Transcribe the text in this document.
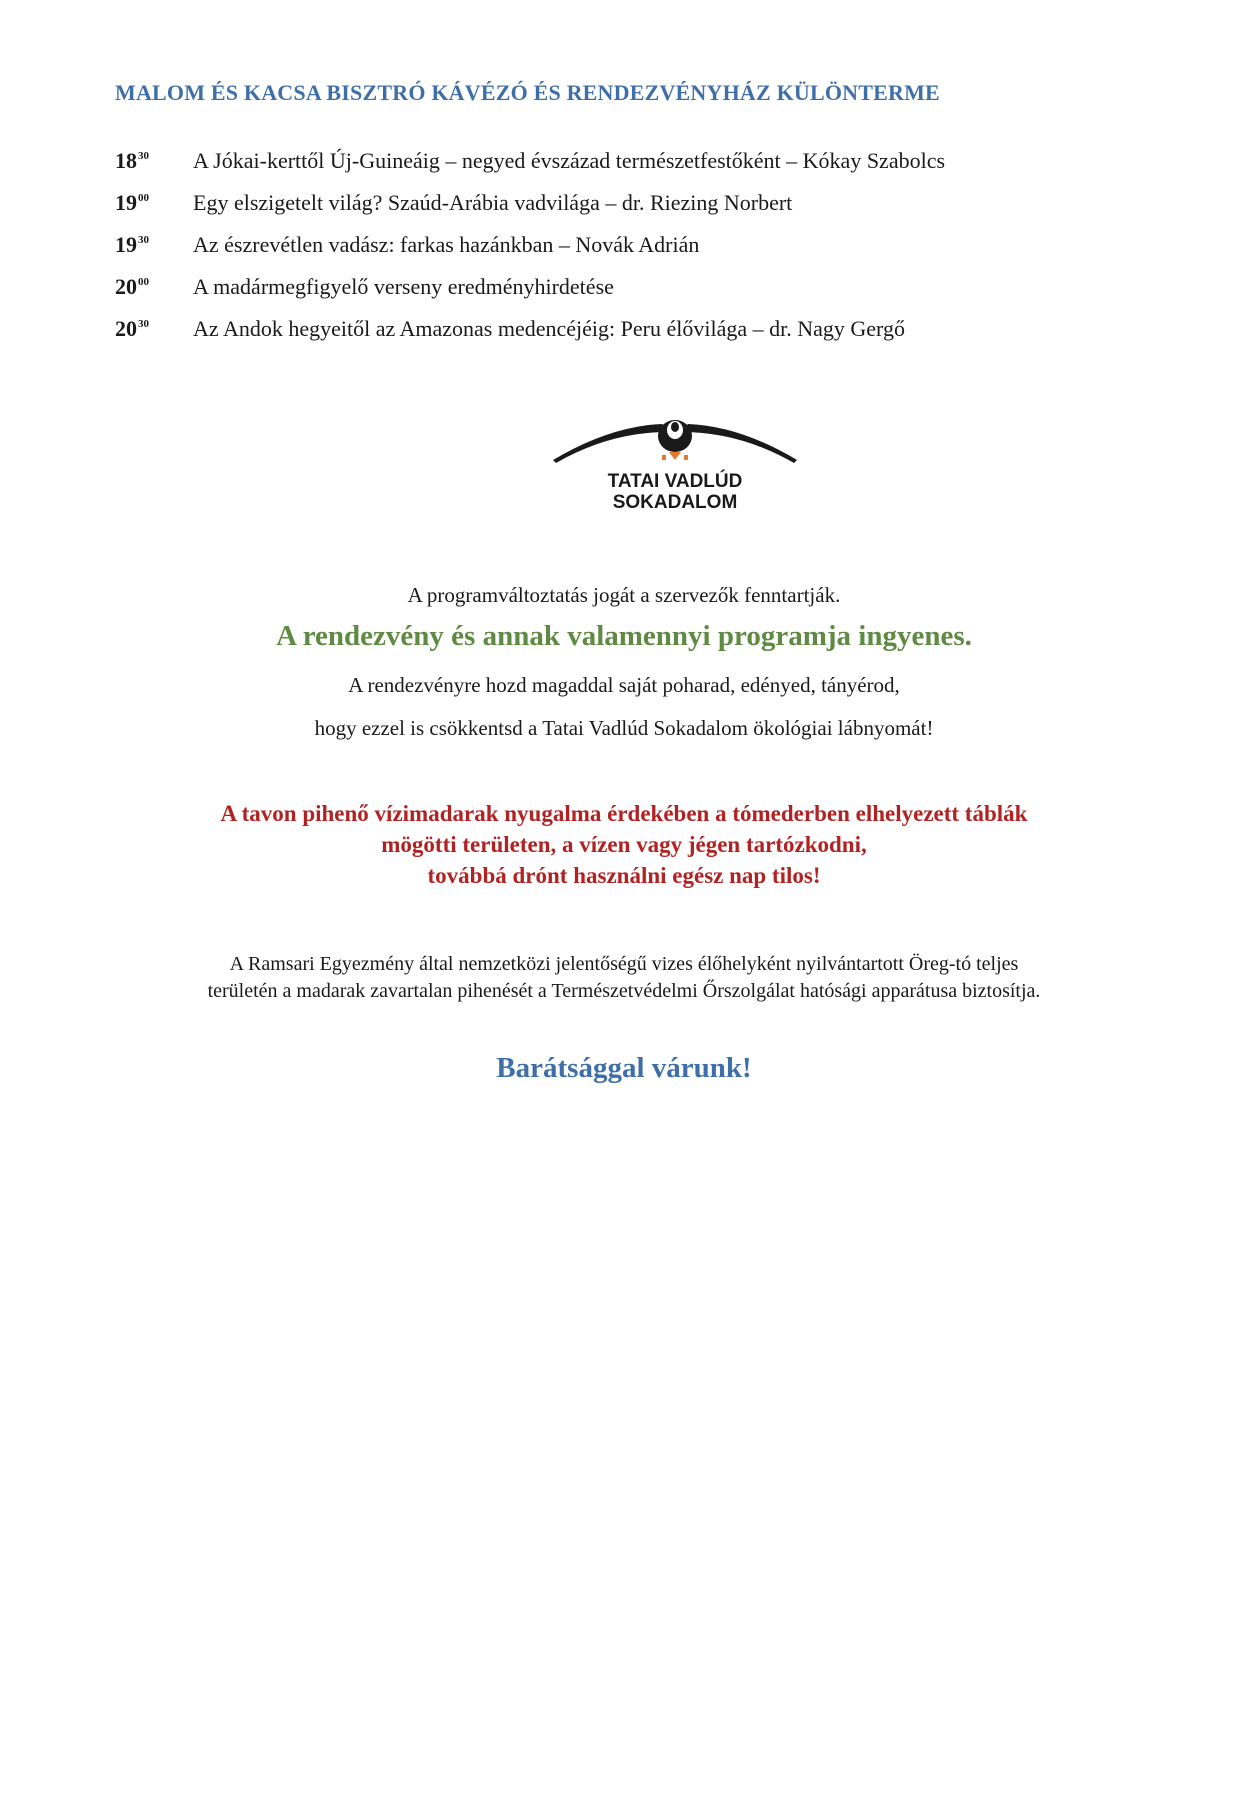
MALOM ÉS KACSA BISZTRÓ KÁVÉZÓ ÉS RENDEZVÉNYHÁZ KÜLÖNTERME
$18^{30}$	A Jókai-kerttől Új-Guineáig – negyed évszázad természetfestőként – Kókay Szabolcs
$19^{00}$	Egy elszigetelt világ? Szaúd-Arábia vadvilága – dr. Riezing Norbert
$19^{30}$	Az észrevétlen vadász: farkas hazánkban – Novák Adrián
$20^{00}$	A madármegfigyelő verseny eredményhirdetése
$20^{30}$	Az Andok hegyeitől az Amazonas medencéjéig: Peru élővilága – dr. Nagy Gergő
TATAI VADLÚD
SOKADALOM
A programváltoztatás jogát a szervezők fenntartják.
A rendezvény és annak valamennyi programja ingyenes.
A rendezvényre hozd magaddal saját poharad, edényed, tányérod,
hogy ezzel is csökkentsd a Tatai Vadlúd Sokadalom ökológiai lábnyomát!
A tavon pihenő vízimadarak nyugalma érdekében a tómederben elhelyezett táblák
mögötti területen, a vízen vagy jégen tartózkodni,
továbbá drónt használni egész nap tilos!
A Ramsari Egyezmény által nemzetközi jelentőségű vizes élőhelyként nyilvántartott Öreg-tó teljes
területén a madarak zavartalan pihenését a Természetvédelmi Őrszolgálat hatósági apparátusa biztosítja.
Barátsággal várunk!
